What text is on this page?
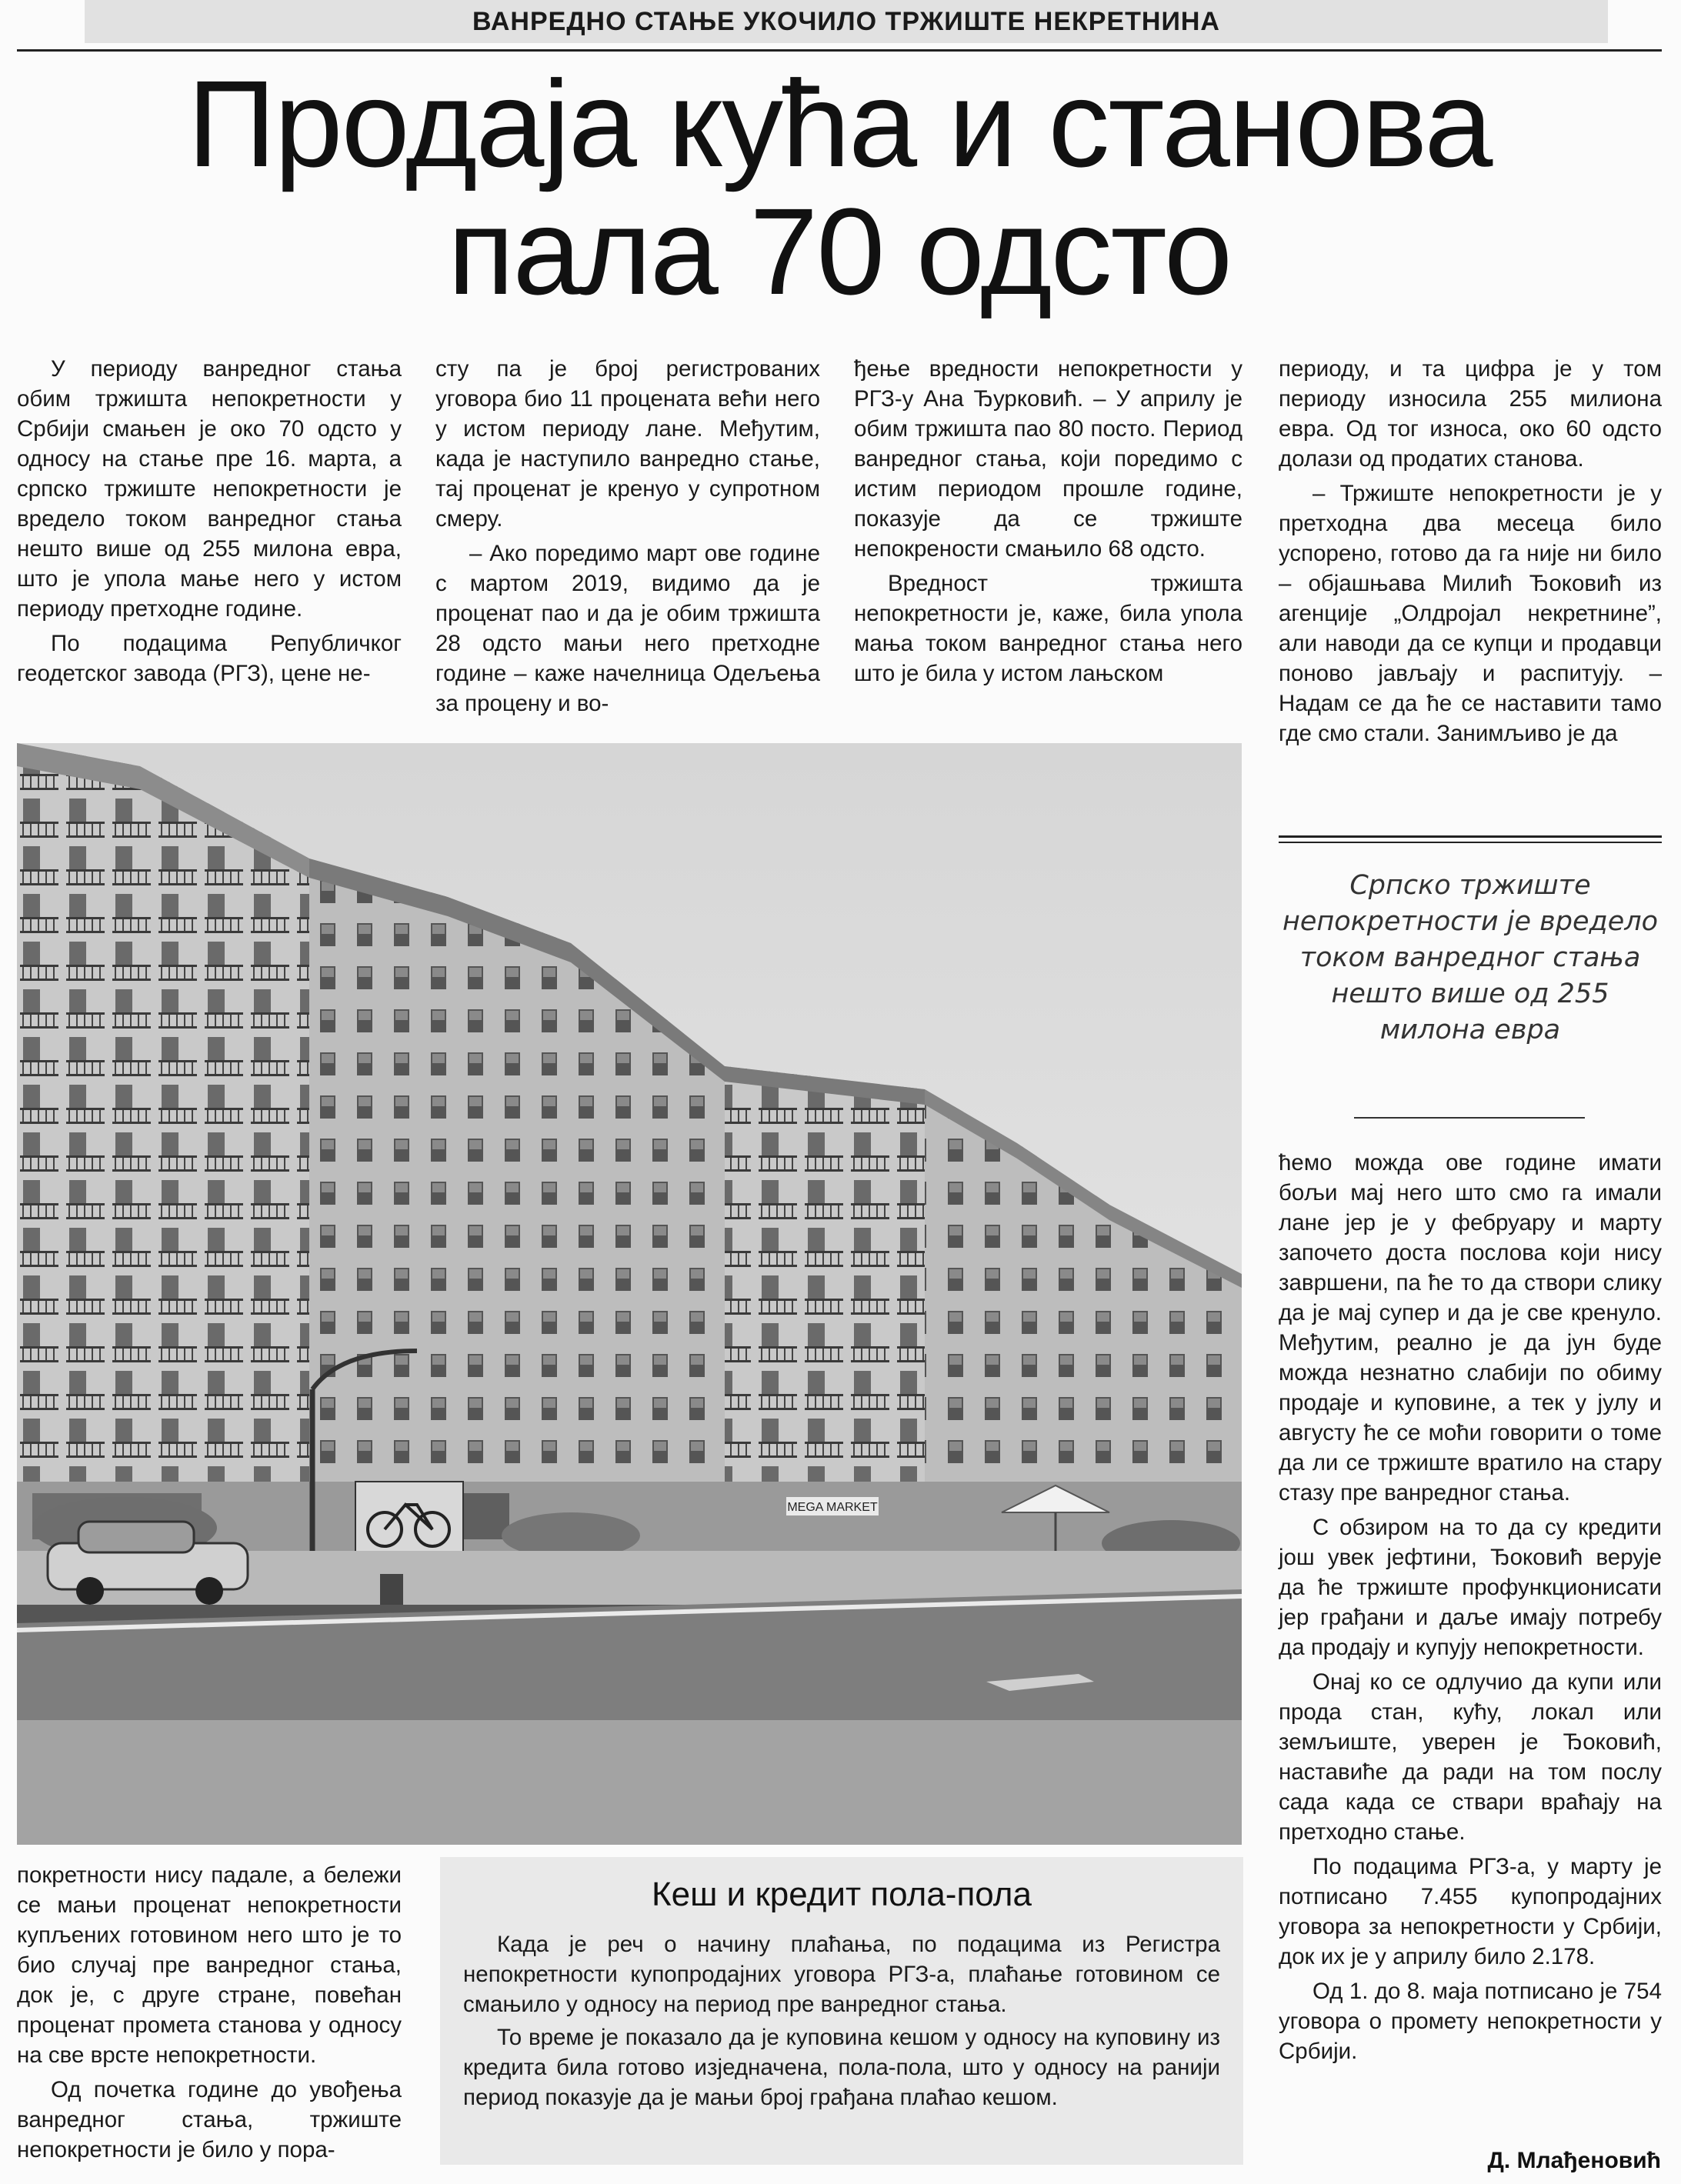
ВАНРЕДНО СТАЊЕ УКОЧИЛО ТРЖИШТЕ НЕКРЕТНИНА
Продаја кућа и станова
пала 70 одсто

У периоду ванредног стања обим тржишта непокретности у Србији смањен је око 70 одсто у односу на стање пре 16. марта, а српско тржиште непокретности је вредело током ванредног стања нешто више од 255 милона евра, што је упола мање него у истом периоду претходне године.

По подацима Републичког геодетског завода (РГЗ), цене не-

сту па је број регистрованих уговора био 11 процената већи него у истом периоду лане. Међутим, када је наступило ванредно стање, тај проценат је кренуо у супротном смеру.

– Ако поредимо март ове године с мартом 2019, видимо да је проценат пао и да је обим тржишта 28 одсто мањи него претходне године – каже начелница Одељења за процену и во-

ђење вредности непокретности у РГЗ-у Ана Ђурковић. – У априлу је обим тржишта пао 80 посто. Период ванредног стања, који поредимо с истим периодом прошле године, показује да се тржиште непокрености смањило 68 одсто.

Вредност тржишта непокретности је, каже, била упола мања током ванредног стања него што је била у истом лањском

периоду, и та цифра је у том периоду износила 255 милиона евра. Од тог износа, око 60 одсто долази од продатих станова.

– Тржиште непокретности је у претходна два месеца било успорено, готово да га није ни било – објашњава Милић Ђоковић из агенције „Олдројал некретнине”, али наводи да се купци и продавци поново јављају и распитују. – Надам се да ће се наставити тамо где смо стали. Занимљиво је да

MEGA MARKET
Српско тржиште непокретности је вредело током ванредног стања нешто више од 255 милона евра

ћемо можда ове године имати бољи мај него што смо га имали лане јер је у фебруару и марту започето доста послова који нису завршени, па ће то да створи слику да је мај супер и да је све кренуло. Међутим, реално је да јун буде можда незнатно слабији по обиму продаје и куповине, а тек у јулу и августу ће се моћи говорити о томе да ли се тржиште вратило на стару стазу пре ванредног стања.

С обзиром на то да су кредити још увек јефтини, Ђоковић верује да ће тржиште профункционисати јер грађани и даље имају потребу да продају и купују непокретности.

Онај ко се одлучио да купи или прода стан, кућу, локал или земљиште, уверен је Ђоковић, наставиће да ради на том послу сада када се ствари враћају на претходно стање.

По подацима РГЗ-а, у марту је потписано 7.455 купопродајних уговора за непокретности у Србији, док их је у априлу било 2.178.

Од 1. до 8. маја потписано је 754 уговора о промету непокретности у Србији.

покретности нису падале, а бележи се мањи проценат непокретности купљених готовином него што је то био случај пре ванредног стања, док је, с друге стране, повећан проценат промета станова у односу на све врсте непокретности.

Од почетка године до увођења ванредног стања, тржиште непокретности је било у пора-

Кеш и кредит пола-пола

Када је реч о начину плаћања, по подацима из Регистра непокретности купопродајних уговора РГЗ-а, плаћање готовином се смањило у односу на период пре ванредног стања.

То време је показало да је куповина кешом у односу на куповину из кредита била готово изједначена, пола-пола, што у односу на ранији период показује да је мањи број грађана плаћао кешом.

Д. Млађеновић
